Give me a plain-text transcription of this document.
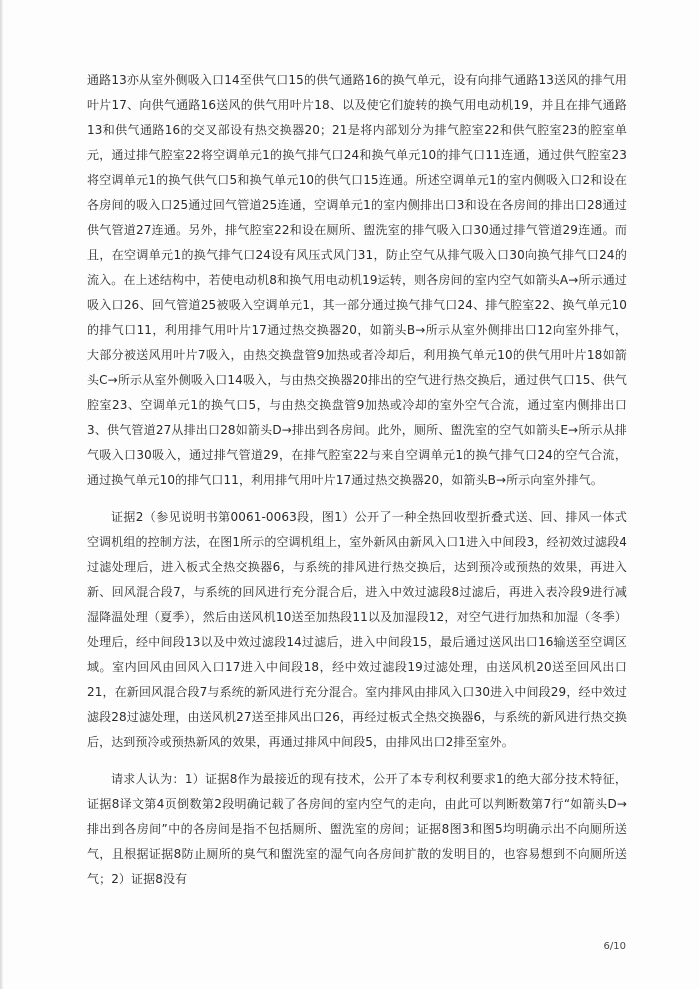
通路13亦从室外侧吸入口14至供气口15的供气通路16的换气单元，设有向排气通路13送风的排气用叶片17、向供气通路16送风的供气用叶片18、以及使它们旋转的换气用电动机19，并且在排气通路13和供气通路16的交叉部设有热交换器20；21是将内部划分为排气腔室22和供气腔室23的腔室单元，通过排气腔室22将空调单元1的换气排气口24和换气单元10的排气口11连通，通过供气腔室23将空调单元1的换气供气口5和换气单元10的供气口15连通。所述空调单元1的室内侧吸入口2和设在各房间的吸入口25通过回气管道25连通，空调单元1的室内侧排出口3和设在各房间的排出口28通过供气管道27连通。另外，排气腔室22和设在厕所、盥洗室的排气吸入口30通过排气管道29连通。而且，在空调单元1的换气排气口24设有风压式风门31，防止空气从排气吸入口30向换气排气口24的流入。在上述结构中，若使电动机8和换气用电动机19运转，则各房间的室内空气如箭头A→所示通过吸入口26、回气管道25被吸入空调单元1，其一部分通过换气排气口24、排气腔室22、换气单元10的排气口11，利用排气用叶片17通过热交换器20，如箭头B→所示从室外侧排出口12向室外排气，大部分被送风用叶片7吸入，由热交换盘管9加热或者冷却后，利用换气单元10的供气用叶片18如箭头C→所示从室外侧吸入口14吸入，与由热交换器20排出的空气进行热交换后，通过供气口15、供气腔室23、空调单元1的换气口5，与由热交换盘管9加热或冷却的室外空气合流，通过室内侧排出口3、供气管道27从排出口28如箭头D→排出到各房间。此外，厕所、盥洗室的空气如箭头E→所示从排气吸入口30吸入，通过排气管道29，在排气腔室22与来自空调单元1的换气排气口24的空气合流，通过换气单元10的排气口11，利用排气用叶片17通过热交换器20，如箭头B→所示向室外排气。

证据2（参见说明书第0061-0063段，图1）公开了一种全热回收型折叠式送、回、排风一体式空调机组的控制方法，在图1所示的空调机组上，室外新风由新风入口1进入中间段3，经初效过滤段4过滤处理后，进入板式全热交换器6，与系统的排风进行热交换后，达到预冷或预热的效果，再进入新、回风混合段7，与系统的回风进行充分混合后，进入中效过滤段8过滤后，再进入表冷段9进行减湿降温处理（夏季），然后由送风机10送至加热段11以及加湿段12，对空气进行加热和加湿（冬季）处理后，经中间段13以及中效过滤段14过滤后，进入中间段15，最后通过送风出口16输送至空调区域。室内回风由回风入口17进入中间段18，经中效过滤段19过滤处理，由送风机20送至回风出口21，在新回风混合段7与系统的新风进行充分混合。室内排风由排风入口30进入中间段29，经中效过滤段28过滤处理，由送风机27送至排风出口26，再经过板式全热交换器6，与系统的新风进行热交换后，达到预冷或预热新风的效果，再通过排风中间段5，由排风出口2排至室外。

请求人认为：1）证据8作为最接近的现有技术，公开了本专利权利要求1的绝大部分技术特征，证据8译文第4页倒数第2段明确记载了各房间的室内空气的走向，由此可以判断数第7行“如箭头D→排出到各房间”中的各房间是指不包括厕所、盥洗室的房间；证据8图3和图5均明确示出不向厕所送气，且根据证据8防止厕所的臭气和盥洗室的湿气向各房间扩散的发明目的，也容易想到不向厕所送气；2）证据8没有

6/10
